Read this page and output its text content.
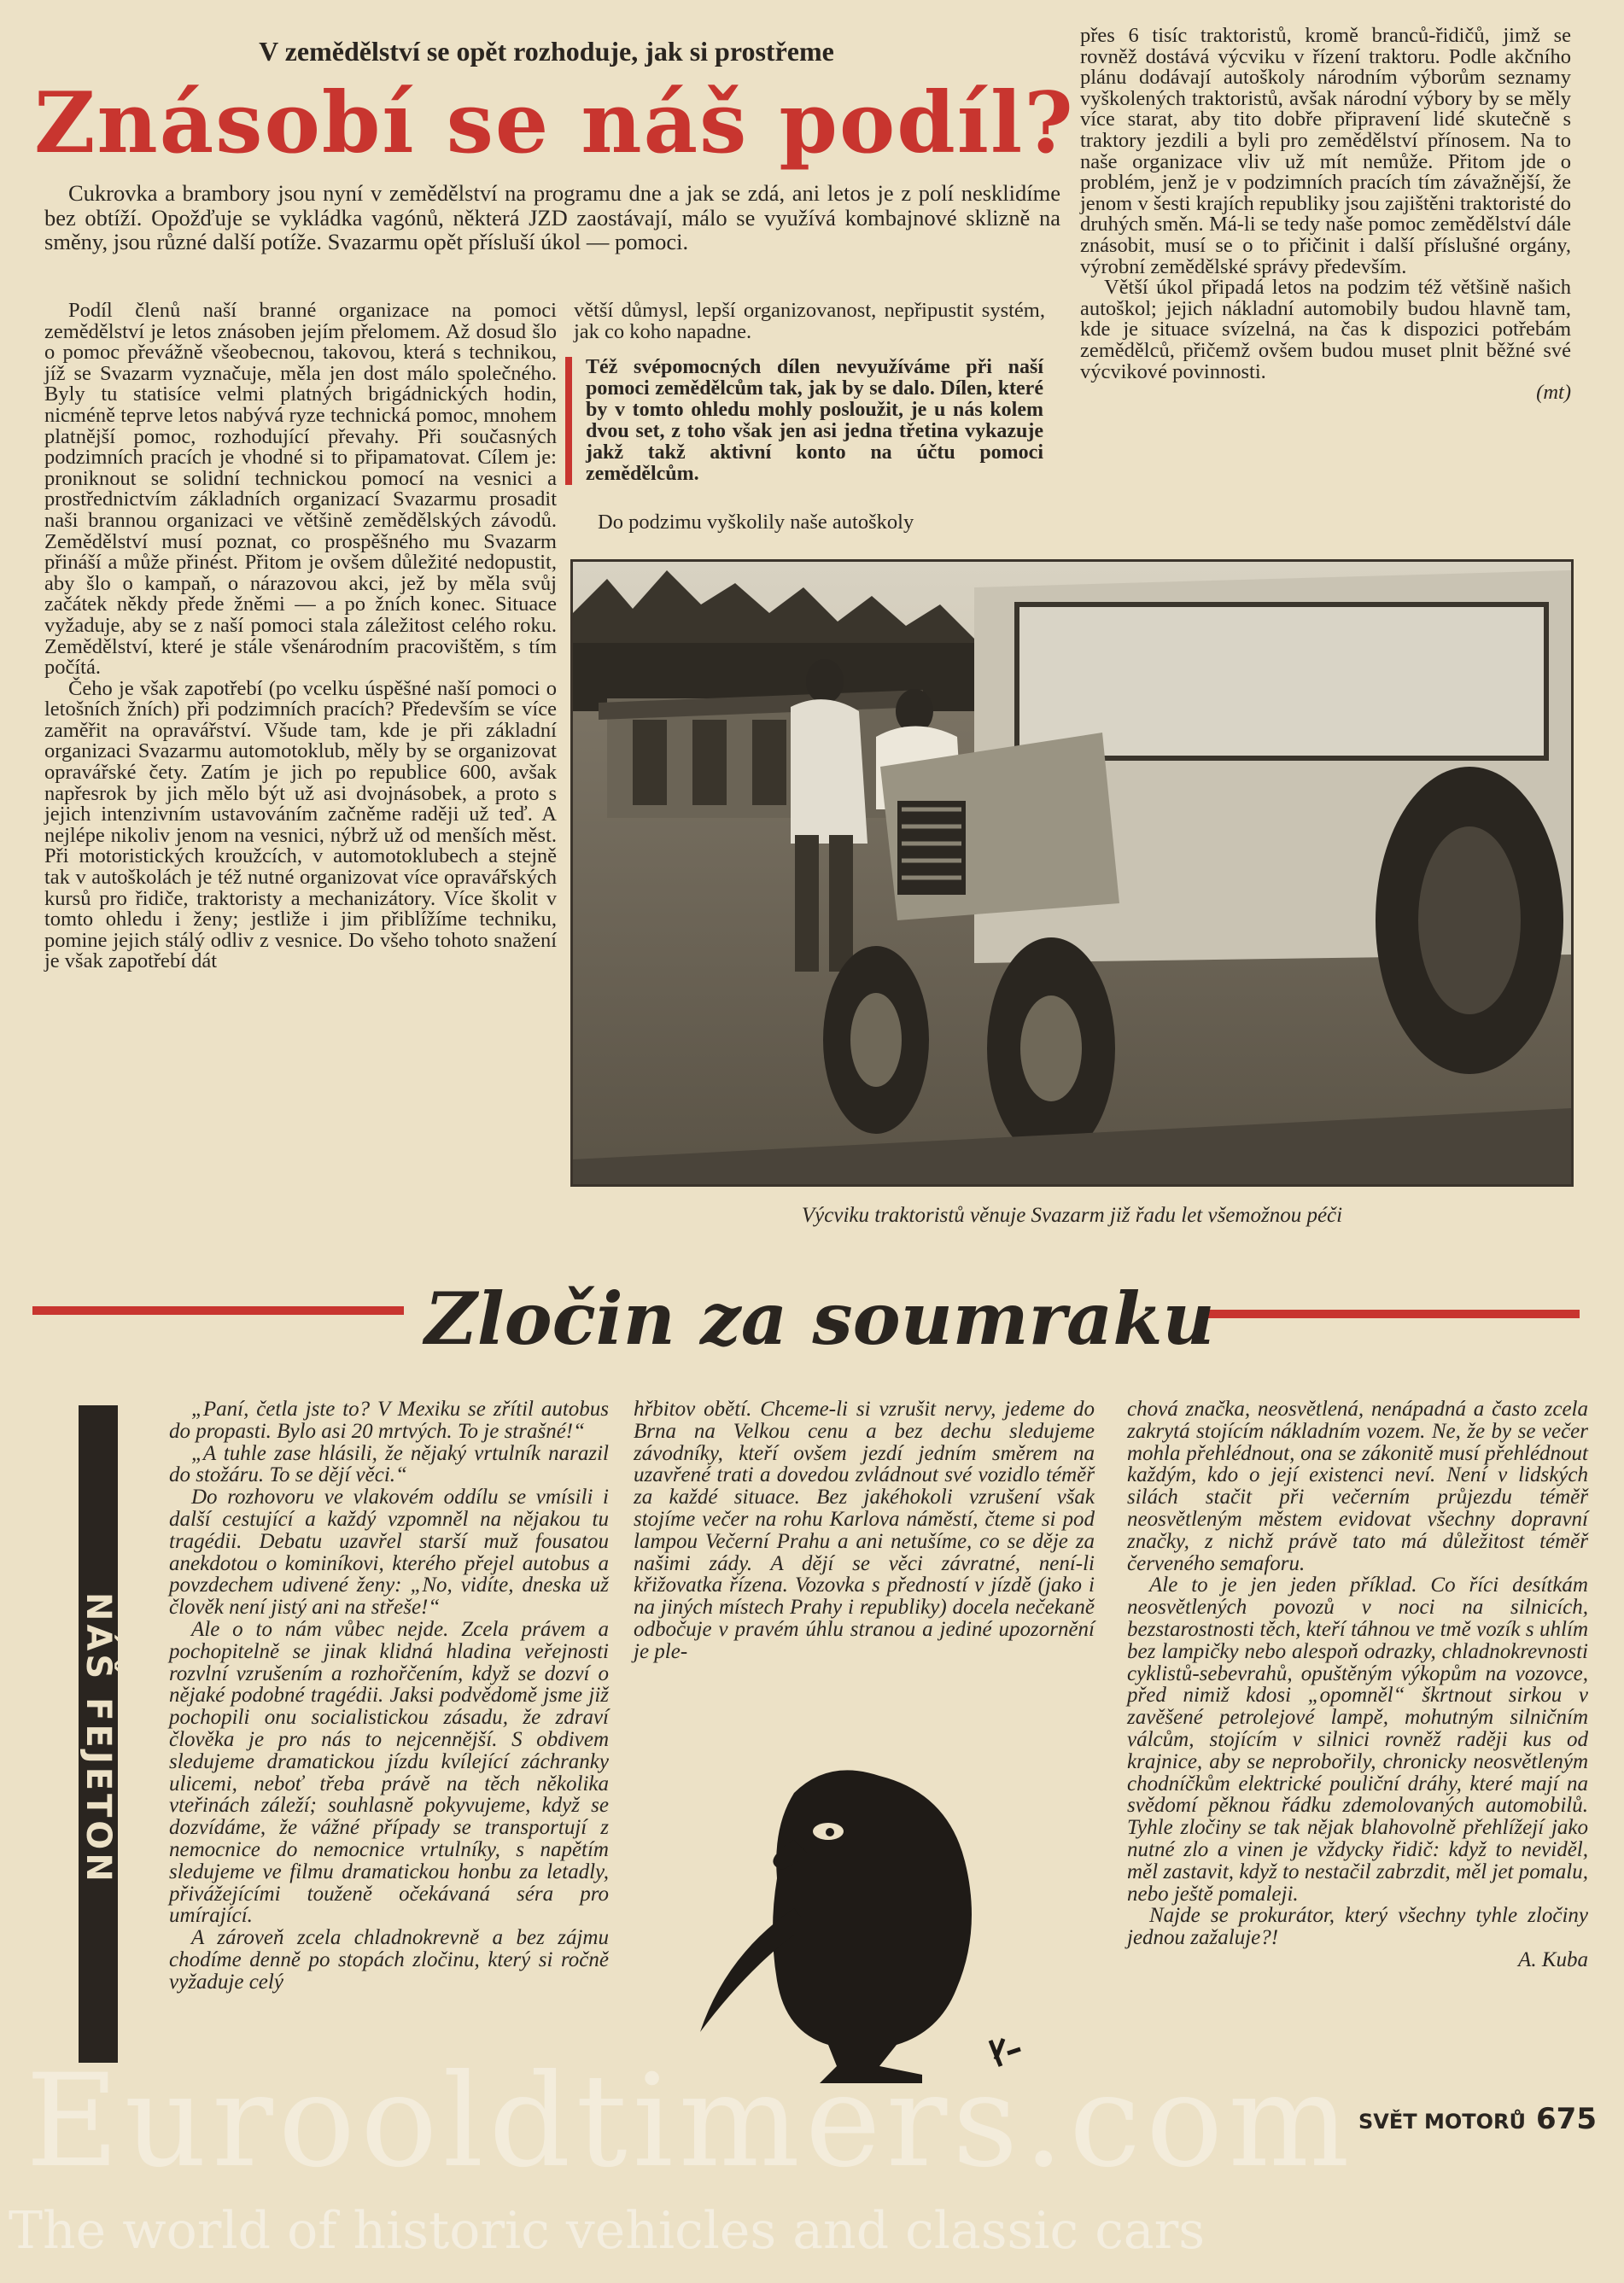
V zemědělství se opět rozhoduje, jak si prostřeme
Znásobí se náš podíl?

Cukrovka a brambory jsou nyní v zemědělství na programu dne a jak se zdá, ani letos je z polí nesklidíme bez obtíží. Opožďuje se vykládka vagónů, některá JZD zaostávají, málo se využívá kombajnové sklizně na směny, jsou různé další potíže. Svazarmu opět přísluší úkol — pomoci.

Podíl členů naší branné organizace na pomoci zemědělství je letos znásoben jejím přelomem. Až dosud šlo o pomoc převážně všeobecnou, takovou, která s technikou, jíž se Svazarm vyznačuje, měla jen dost málo společného. Byly tu statisíce velmi platných brigádnických hodin, nicméně teprve letos nabývá ryze technická pomoc, mnohem platnější pomoc, rozhodující převahy. Při současných podzimních pracích je vhodné si to připamatovat. Cílem je: proniknout se solidní technickou pomocí na vesnici a prostřednictvím základních organizací Svazarmu prosadit naši brannou organizaci ve většině zemědělských závodů. Zemědělství musí poznat, co prospěšného mu Svazarm přináší a může přinést. Přitom je ovšem důležité nedopustit, aby šlo o kampaň, o nárazovou akci, jež by měla svůj začátek někdy přede žněmi — a po žních konec. Situace vyžaduje, aby se z naší pomoci stala záležitost celého roku. Zemědělství, které je stále všenárodním pracovištěm, s tím počítá.

Čeho je však zapotřebí (po vcelku úspěšné naší pomoci o letošních žních) při podzimních pracích? Především se více zaměřit na opravářství. Všude tam, kde je při základní organizaci Svazarmu automotoklub, měly by se organizovat opravářské čety. Zatím je jich po republice 600, avšak napřesrok by jich mělo být už asi dvojnásobek, a proto s jejich intenzivním ustavováním začněme raději už teď. A nejlépe nikoliv jenom na vesnici, nýbrž už od menších měst. Při motoristických kroužcích, v automotoklubech a stejně tak v autoškolách je též nutné organizovat více opravářských kursů pro řidiče, traktoristy a mechanizátory. Více školit v tomto ohledu i ženy; jestliže i jim přiblížíme techniku, pomine jejich stálý odliv z vesnice. Do všeho tohoto snažení je však zapotřebí dát

větší důmysl, lepší organizovanost, nepřipustit systém, jak co koho napadne.

Též svépomocných dílen nevyužíváme při naší pomoci zemědělcům tak, jak by se dalo. Dílen, které by v tomto ohledu mohly posloužit, je u nás kolem dvou set, z toho však jen asi jedna třetina vykazuje jakž takž aktivní konto na účtu pomoci zemědělcům.

Do podzimu vyškolily naše autoškoly

přes 6 tisíc traktoristů, kromě branců-řidičů, jimž se rovněž dostává výcviku v řízení traktoru. Podle akčního plánu dodávají autoškoly národním výborům seznamy vyškolených traktoristů, avšak národní výbory by se měly více starat, aby tito dobře připravení lidé skutečně s traktory jezdili a byli pro zemědělství přínosem. Na to naše organizace vliv už mít nemůže. Přitom jde o problém, jenž je v podzimních pracích tím závažnější, že jenom v šesti krajích republiky jsou zajištěni traktoristé do druhých směn. Má-li se tedy naše pomoc zemědělství dále znásobit, musí se o to přičinit i další příslušné orgány, výrobní zemědělské správy především.

Větší úkol připadá letos na podzim též většině našich autoškol; jejich nákladní automobily budou hlavně tam, kde je situace svízelná, na čas k dispozici potřebám zemědělců, přičemž ovšem budou muset plnit běžné své výcvikové povinnosti.

(mt)
Výcviku traktoristů věnuje Svazarm již řadu let všemožnou péči
Zločin za soumraku
NÁŠ FEJETON

„Paní, četla jste to? V Mexiku se zřítil autobus do propasti. Bylo asi 20 mrtvých. To je strašné!“

„A tuhle zase hlásili, že nějaký vrtulník narazil do stožáru. To se dějí věci.“

Do rozhovoru ve vlakovém oddílu se vmísili i další cestující a každý vzpomněl na nějakou tu tragédii. Debatu uzavřel starší muž fousatou anekdotou o kominíkovi, kterého přejel autobus a povzdechem udivené ženy: „No, vidíte, dneska už člověk není jistý ani na střeše!“

Ale o to nám vůbec nejde. Zcela právem a pochopitelně se jinak klidná hladina veřejnosti rozvlní vzrušením a rozhořčením, když se dozví o nějaké podobné tragédii. Jaksi podvědomě jsme již pochopili onu socialistickou zásadu, že zdraví člověka je pro nás to nejcennější. S obdivem sledujeme dramatickou jízdu kvílející záchranky ulicemi, neboť třeba právě na těch několika vteřinách záleží; souhlasně pokyvujeme, když se dozvídáme, že vážné případy se transportují z nemocnice do nemocnice vrtulníky, s napětím sledujeme ve filmu dramatickou honbu za letadly, přivážejícími touženě očekávaná séra pro umírající.

A zároveň zcela chladnokrevně a bez zájmu chodíme denně po stopách zločinu, který si ročně vyžaduje celý

hřbitov obětí. Chceme-li si vzrušit nervy, jedeme do Brna na Velkou cenu a bez dechu sledujeme závodníky, kteří ovšem jezdí jedním směrem na uzavřené trati a dovedou zvládnout své vozidlo téměř za každé situace. Bez jakéhokoli vzrušení však stojíme večer na rohu Karlova náměstí, čteme si pod lampou Večerní Prahu a ani netušíme, co se děje za našimi zády. A dějí se věci závratné, není-li křižovatka řízena. Vozovka s předností v jízdě (jako i na jiných místech Prahy i republiky) docela nečekaně odbočuje v pravém úhlu stranou a jediné upozornění je ple-

chová značka, neosvětlená, nenápadná a často zcela zakrytá stojícím nákladním vozem. Ne, že by se večer mohla přehlédnout, ona se zákonitě musí přehlédnout každým, kdo o její existenci neví. Není v lidských silách stačit při večerním průjezdu téměř neosvětleným městem evidovat všechny dopravní značky, z nichž právě tato má důležitost téměř červeného semaforu.

Ale to je jen jeden příklad. Co říci desítkám neosvětlených povozů v noci na silnicích, bezstarostnosti těch, kteří táhnou ve tmě vozík s uhlím bez lampičky nebo alespoň odrazky, chladnokrevnosti cyklistů-sebevrahů, opuštěným výkopům na vozovce, před nimiž kdosi „opomněl“ škrtnout sirkou v zavěšené petrolejové lampě, mohutným silničním válcům, stojícím v silnici rovněž raději kus od krajnice, aby se neprobořily, chronicky neosvětleným chodníčkům elektrické pouliční dráhy, které mají na svědomí pěknou řádku zdemolovaných automobilů. Tyhle zločiny se tak nějak blahovolně přehlížejí jako nutné zlo a vinen je vždycky řidič: když to neviděl, měl zastavit, když to nestačil zabrzdit, měl jet pomalu, nebo ještě pomaleji.

Najde se prokurátor, který všechny tyhle zločiny jednou zažaluje?!

A. Kuba
Eurooldtimers.com
The world of historic vehicles and classic cars
SVĚT MOTORŮ 675
